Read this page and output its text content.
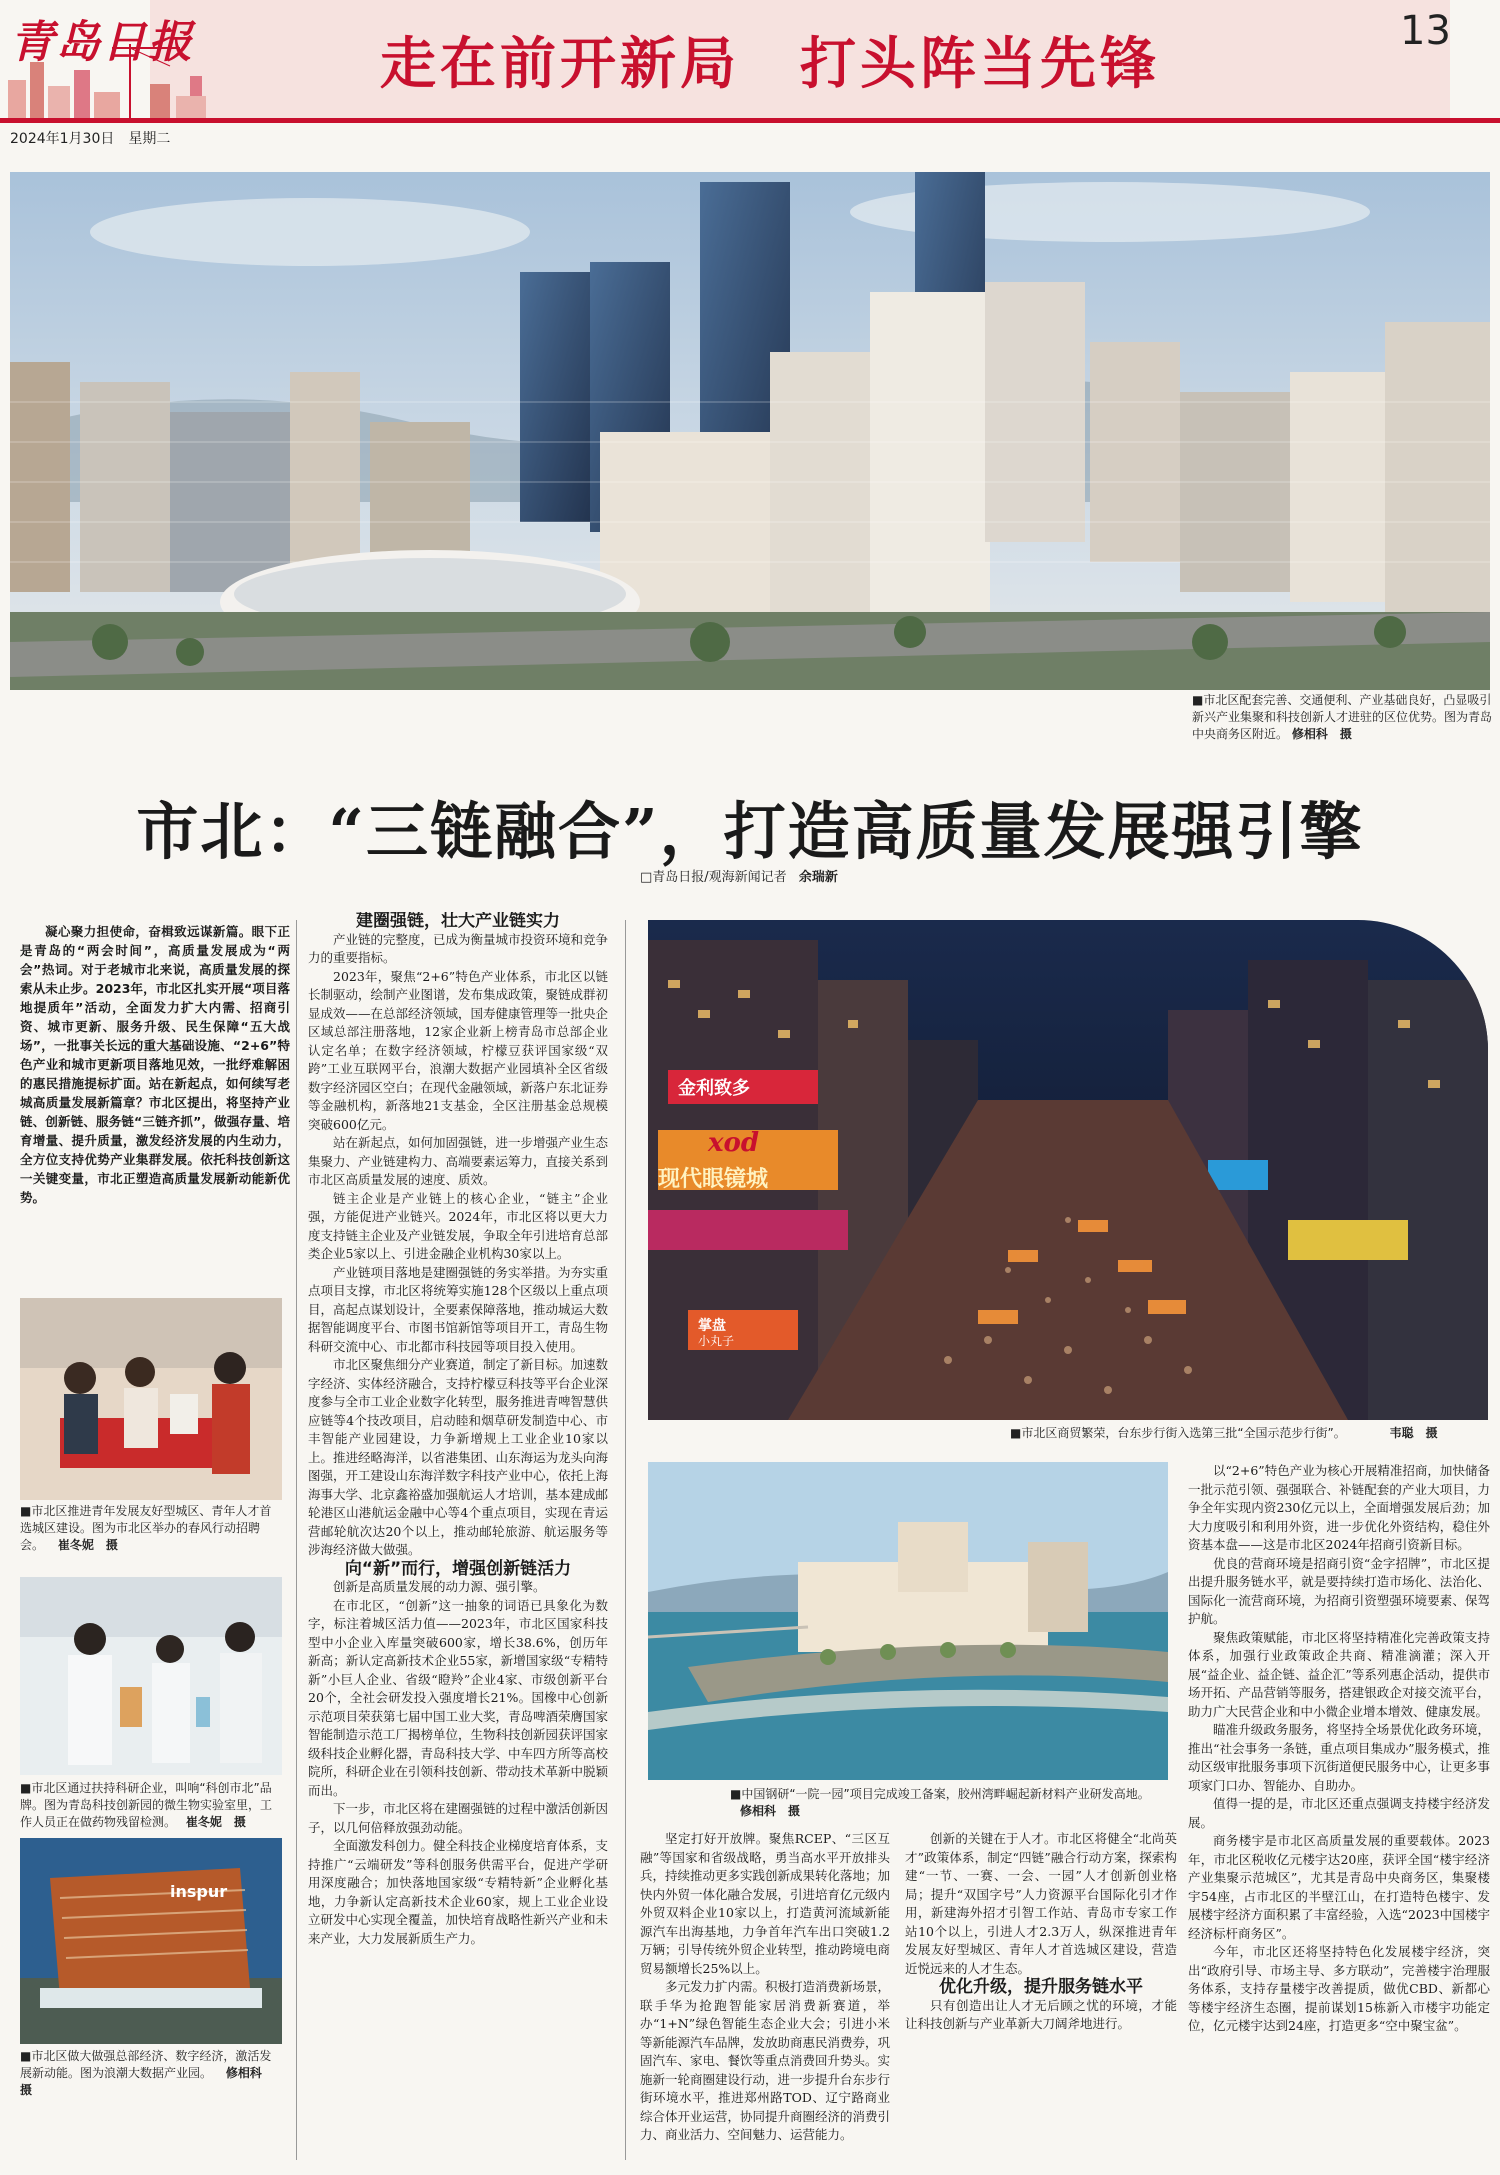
青岛日报	走在前开新局　打头阵当先锋
13
2024年1月30日　星期二
■市北区配套完善、交通便利、产业基础良好，凸显吸引新兴产业集聚和科技创新人才进驻的区位优势。图为青岛中央商务区附近。 修相科　摄
市北：“三链融合”，打造高质量发展强引擎
□青岛日报/观海新闻记者 余瑞新

凝心聚力担使命，奋楫致远谋新篇。眼下正是青岛的“两会时间”，高质量发展成为“两会”热词。对于老城市北来说，高质量发展的探索从未止步。2023年，市北区扎实开展“项目落地提质年”活动，全面发力扩大内需、招商引资、城市更新、服务升级、民生保障“五大战场”，一批事关长远的重大基础设施、“2+6”特色产业和城市更新项目落地见效，一批纾难解困的惠民措施提标扩面。站在新起点，如何续写老城高质量发展新篇章？市北区提出，将坚持产业链、创新链、服务链“三链齐抓”，做强存量、培育增量、提升质量，激发经济发展的内生动力，全方位支持优势产业集群发展。依托科技创新这一关键变量，市北正塑造高质量发展新动能新优势。

■市北区推进青年发展友好型城区、青年人才首选城区建设。图为市北区举办的春风行动招聘会。 崔冬妮　摄
■市北区通过扶持科研企业，叫响“科创市北”品牌。图为青岛科技创新园的微生物实验室里，工作人员正在做药物残留检测。 崔冬妮　摄
inspur
■市北区做大做强总部经济、数字经济，激活发展新动能。图为浪潮大数据产业园。 修相科　摄

建圈强链，壮大产业链实力

产业链的完整度，已成为衡量城市投资环境和竞争力的重要指标。

2023年，聚焦“2+6”特色产业体系，市北区以链长制驱动，绘制产业图谱，发布集成政策，聚链成群初显成效——在总部经济领域，国寿健康管理等一批央企区域总部注册落地，12家企业新上榜青岛市总部企业认定名单；在数字经济领域，柠檬豆获评国家级“双跨”工业互联网平台，浪潮大数据产业园填补全区省级数字经济园区空白；在现代金融领域，新落户东北证券等金融机构，新落地21支基金，全区注册基金总规模突破600亿元。

站在新起点，如何加固强链，进一步增强产业生态集聚力、产业链建构力、高端要素运筹力，直接关系到市北区高质量发展的速度、质效。

链主企业是产业链上的核心企业，“链主”企业强，方能促进产业链兴。2024年，市北区将以更大力度支持链主企业及产业链发展，争取全年引进培育总部类企业5家以上、引进金融企业机构30家以上。

产业链项目落地是建圈强链的务实举措。为夯实重点项目支撑，市北区将统筹实施128个区级以上重点项目，高起点谋划设计，全要素保障落地，推动城运大数据智能调度平台、市图书馆新馆等项目开工，青岛生物科研交流中心、市北都市科技园等项目投入使用。

市北区聚焦细分产业赛道，制定了新目标。加速数字经济、实体经济融合，支持柠檬豆科技等平台企业深度参与全市工业企业数字化转型，服务推进青啤智慧供应链等4个技改项目，启动睦和烟草研发制造中心、市丰智能产业园建设，力争新增规上工业企业10家以上。推进经略海洋，以省港集团、山东海运为龙头向海图强，开工建设山东海洋数字科技产业中心，依托上海海事大学、北京鑫裕盛加强航运人才培训，基本建成邮轮港区山港航运金融中心等4个重点项目，实现在青运营邮轮航次达20个以上，推动邮轮旅游、航运服务等涉海经济做大做强。

向“新”而行，增强创新链活力

创新是高质量发展的动力源、强引擎。

在市北区，“创新”这一抽象的词语已具象化为数字，标注着城区活力值——2023年，市北区国家科技型中小企业入库量突破600家，增长38.6%，创历年新高；新认定高新技术企业55家，新增国家级“专精特新”小巨人企业、省级“瞪羚”企业4家、市级创新平台20个，全社会研发投入强度增长21%。国橡中心创新示范项目荣获第七届中国工业大奖，青岛啤酒荣膺国家智能制造示范工厂揭榜单位，生物科技创新园获评国家级科技企业孵化器，青岛科技大学、中车四方所等高校院所，科研企业在引领科技创新、带动技术革新中脱颖而出。

下一步，市北区将在建圈强链的过程中激活创新因子，以几何倍释放强劲动能。

全面激发科创力。健全科技企业梯度培育体系，支持推广“云端研发”等科创服务供需平台，促进产学研用深度融合；加快落地国家级“专精特新”企业孵化基地，力争新认定高新技术企业60家，规上工业企业设立研发中心实现全覆盖，加快培育战略性新兴产业和未来产业，大力发展新质生产力。

金利致多
xod
现代眼镜城
掌盘
小丸子
■市北区商贸繁荣，台东步行街入选第三批“全国示范步行街”。	韦聪　摄
■中国钢研“一院一园”项目完成竣工备案，胶州湾畔崛起新材料产业研发高地。 修相科　摄

坚定打好开放牌。聚焦RCEP、“三区互融”等国家和省级战略，勇当高水平开放排头兵，持续推动更多实践创新成果转化落地；加快内外贸一体化融合发展，引进培育亿元级内外贸双料企业10家以上，打造黄河流域新能源汽车出海基地，力争首年汽车出口突破1.2万辆；引导传统外贸企业转型，推动跨境电商贸易额增长25%以上。

多元发力扩内需。积极打造消费新场景，联手华为抢跑智能家居消费新赛道，举办“1+N”绿色智能生态企业大会；引进小米等新能源汽车品牌，发放助商惠民消费券，巩固汽车、家电、餐饮等重点消费回升势头。实施新一轮商圈建设行动，进一步提升台东步行街环境水平，推进郑州路TOD、辽宁路商业综合体开业运营，协同提升商圈经济的消费引力、商业活力、空间魅力、运营能力。

创新的关键在于人才。市北区将健全“北尚英才”政策体系，制定“四链”融合行动方案，探索构建“一节、一赛、一会、一园”人才创新创业格局；提升“双国字号”人力资源平台国际化引才作用，新建海外招才引智工作站、青岛市专家工作站10个以上，引进人才2.3万人，纵深推进青年发展友好型城区、青年人才首选城区建设，营造近悦远来的人才生态。

优化升级，提升服务链水平

只有创造出让人才无后顾之忧的环境，才能让科技创新与产业革新大刀阔斧地进行。

以“2+6”特色产业为核心开展精准招商，加快储备一批示范引领、强强联合、补链配套的产业大项目，力争全年实现内资230亿元以上，全面增强发展后劲；加大力度吸引和利用外资，进一步优化外资结构，稳住外资基本盘——这是市北区2024年招商引资新目标。

优良的营商环境是招商引资“金字招牌”，市北区提出提升服务链水平，就是要持续打造市场化、法治化、国际化一流营商环境，为招商引资塑强环境要素、保驾护航。

聚焦政策赋能，市北区将坚持精准化完善政策支持体系，加强行业政策政企共商、精准滴灌；深入开展“益企业、益企链、益企汇”等系列惠企活动，提供市场开拓、产品营销等服务，搭建银政企对接交流平台，助力广大民营企业和中小微企业增本增效、健康发展。

瞄准升级政务服务，将坚持全场景优化政务环境，推出“社会事务一条链，重点项目集成办”服务模式，推动区级审批服务事项下沉街道便民服务中心，让更多事项家门口办、智能办、自助办。

值得一提的是，市北区还重点强调支持楼宇经济发展。

商务楼宇是市北区高质量发展的重要载体。2023年，市北区税收亿元楼宇达20座，获评全国“楼宇经济产业集聚示范城区”，尤其是青岛中央商务区，集聚楼宇54座，占市北区的半壁江山，在打造特色楼宇、发展楼宇经济方面积累了丰富经验，入选“2023中国楼宇经济标杆商务区”。

今年，市北区还将坚持特色化发展楼宇经济，突出“政府引导、市场主导、多方联动”，完善楼宇治理服务体系，支持存量楼宇改善提质，做优CBD、新都心等楼宇经济生态圈，提前谋划15栋新入市楼宇功能定位，亿元楼宇达到24座，打造更多“空中聚宝盆”。
